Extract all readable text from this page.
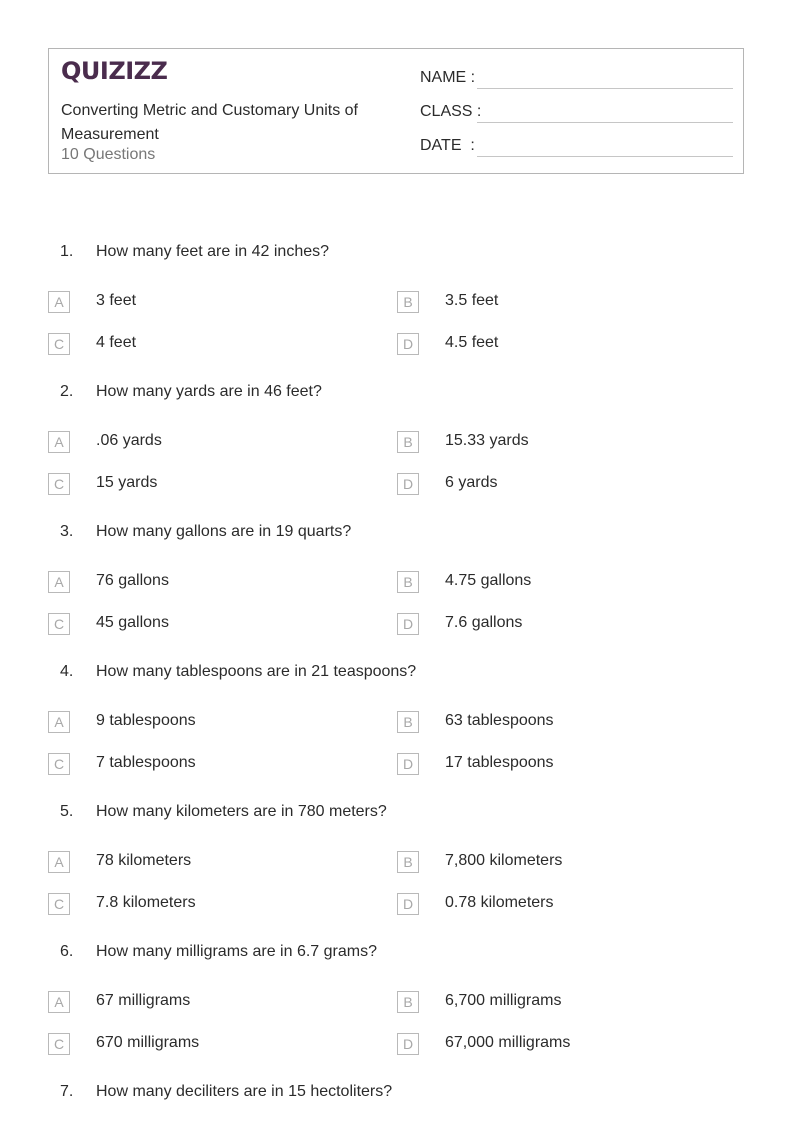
QUIZIZZ
Converting Metric and Customary Units of Measurement
10 Questions
NAME :
CLASS :
DATE  :
1. How many feet are in 42 inches?
A	3 feet	B	3.5 feet
C	4 feet	D	4.5 feet
2. How many yards are in 46 feet?
A	.06 yards	B	15.33 yards
C	15 yards	D	6 yards
3. How many gallons are in 19 quarts?
A	76 gallons	B	4.75 gallons
C	45 gallons	D	7.6 gallons
4. How many tablespoons are in 21 teaspoons?
A	9 tablespoons	B	63 tablespoons
C	7 tablespoons	D	17 tablespoons
5. How many kilometers are in 780 meters?
A	78 kilometers	B	7,800 kilometers
C	7.8 kilometers	D	0.78 kilometers
6. How many milligrams are in 6.7 grams?
A	67 milligrams	B	6,700 milligrams
C	670 milligrams	D	67,000 milligrams
7. How many deciliters are in 15 hectoliters?
